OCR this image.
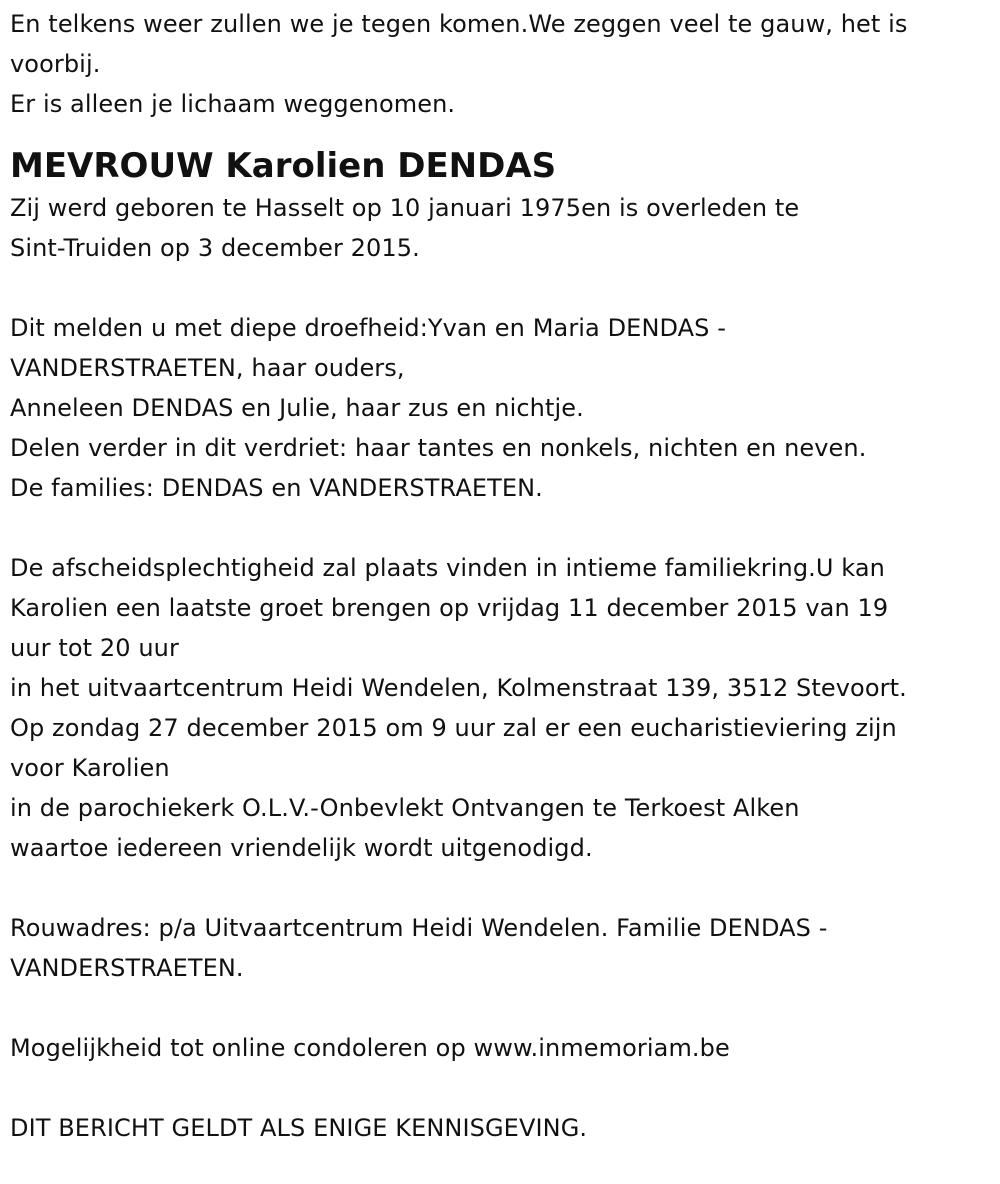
En telkens weer zullen we je tegen komen.We zeggen veel te gauw, het is
voorbij.
Er is alleen je lichaam weggenomen.
MEVROUW Karolien DENDAS
Zij werd geboren te Hasselt op 10 januari 1975en is overleden te
Sint-Truiden op 3 december 2015.
Dit melden u met diepe droefheid:Yvan en Maria DENDAS -
VANDERSTRAETEN, haar ouders,
Anneleen DENDAS en Julie, haar zus en nichtje.
Delen verder in dit verdriet: haar tantes en nonkels, nichten en neven.
De families: DENDAS en VANDERSTRAETEN.
De afscheidsplechtigheid zal plaats vinden in intieme familiekring.U kan
Karolien een laatste groet brengen op vrijdag 11 december 2015 van 19
uur tot 20 uur
in het uitvaartcentrum Heidi Wendelen, Kolmenstraat 139, 3512 Stevoort.
Op zondag 27 december 2015 om 9 uur zal er een eucharistieviering zijn
voor Karolien
in de parochiekerk O.L.V.-Onbevlekt Ontvangen te Terkoest Alken
waartoe iedereen vriendelijk wordt uitgenodigd.
Rouwadres: p/a Uitvaartcentrum Heidi Wendelen. Familie DENDAS -
VANDERSTRAETEN.
Mogelijkheid tot online condoleren op www.inmemoriam.be
DIT BERICHT GELDT ALS ENIGE KENNISGEVING.
